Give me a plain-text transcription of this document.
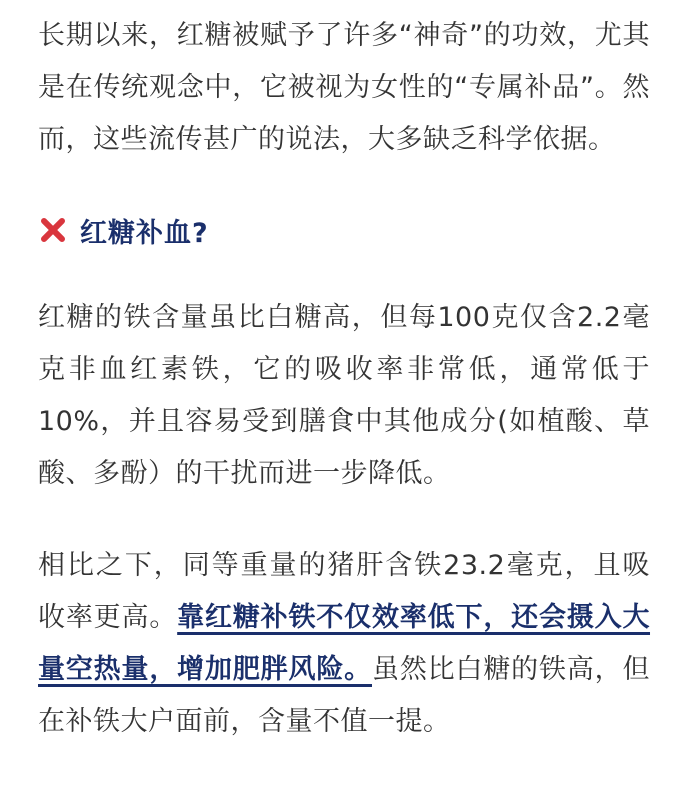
长期以来，红糖被赋予了许多“神奇”的功效，尤其是在传统观念中，它被视为女性的“专属补品”。然而，这些流传甚广的说法，大多缺乏科学依据。

红糖补血?

红糖的铁含量虽比白糖高，但每100克仅含2.2毫克非血红素铁，它的吸收率非常低，通常低于10%，并且容易受到膳食中其他成分(如植酸、草酸、多酚）的干扰而进一步降低。

相比之下，同等重量的猪肝含铁23.2毫克，且吸收率更高。靠红糖补铁不仅效率低下，还会摄入大量空热量，增加肥胖风险。虽然比白糖的铁高，但在补铁大户面前，含量不值一提。
